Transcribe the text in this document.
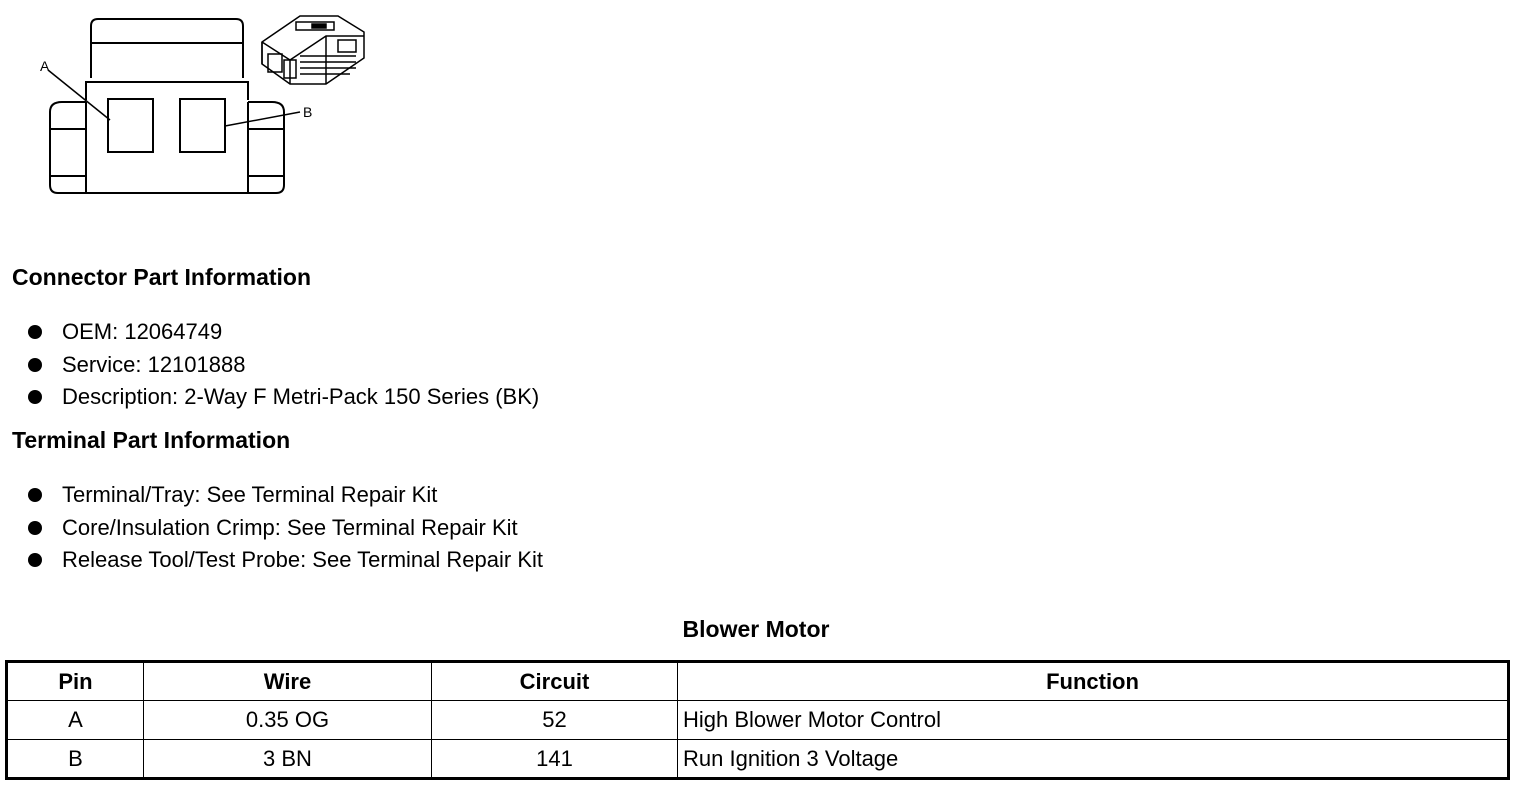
A
B
Connector Part Information
OEM: 12064749
Service: 12101888
Description: 2-Way F Metri-Pack 150 Series (BK)
Terminal Part Information
Terminal/Tray: See Terminal Repair Kit
Core/Insulation Crimp: See Terminal Repair Kit
Release Tool/Test Probe: See Terminal Repair Kit
Blower Motor
Pin	Wire	Circuit	Function
A	0.35 OG	52	High Blower Motor Control
B	3 BN	141	Run Ignition 3 Voltage
